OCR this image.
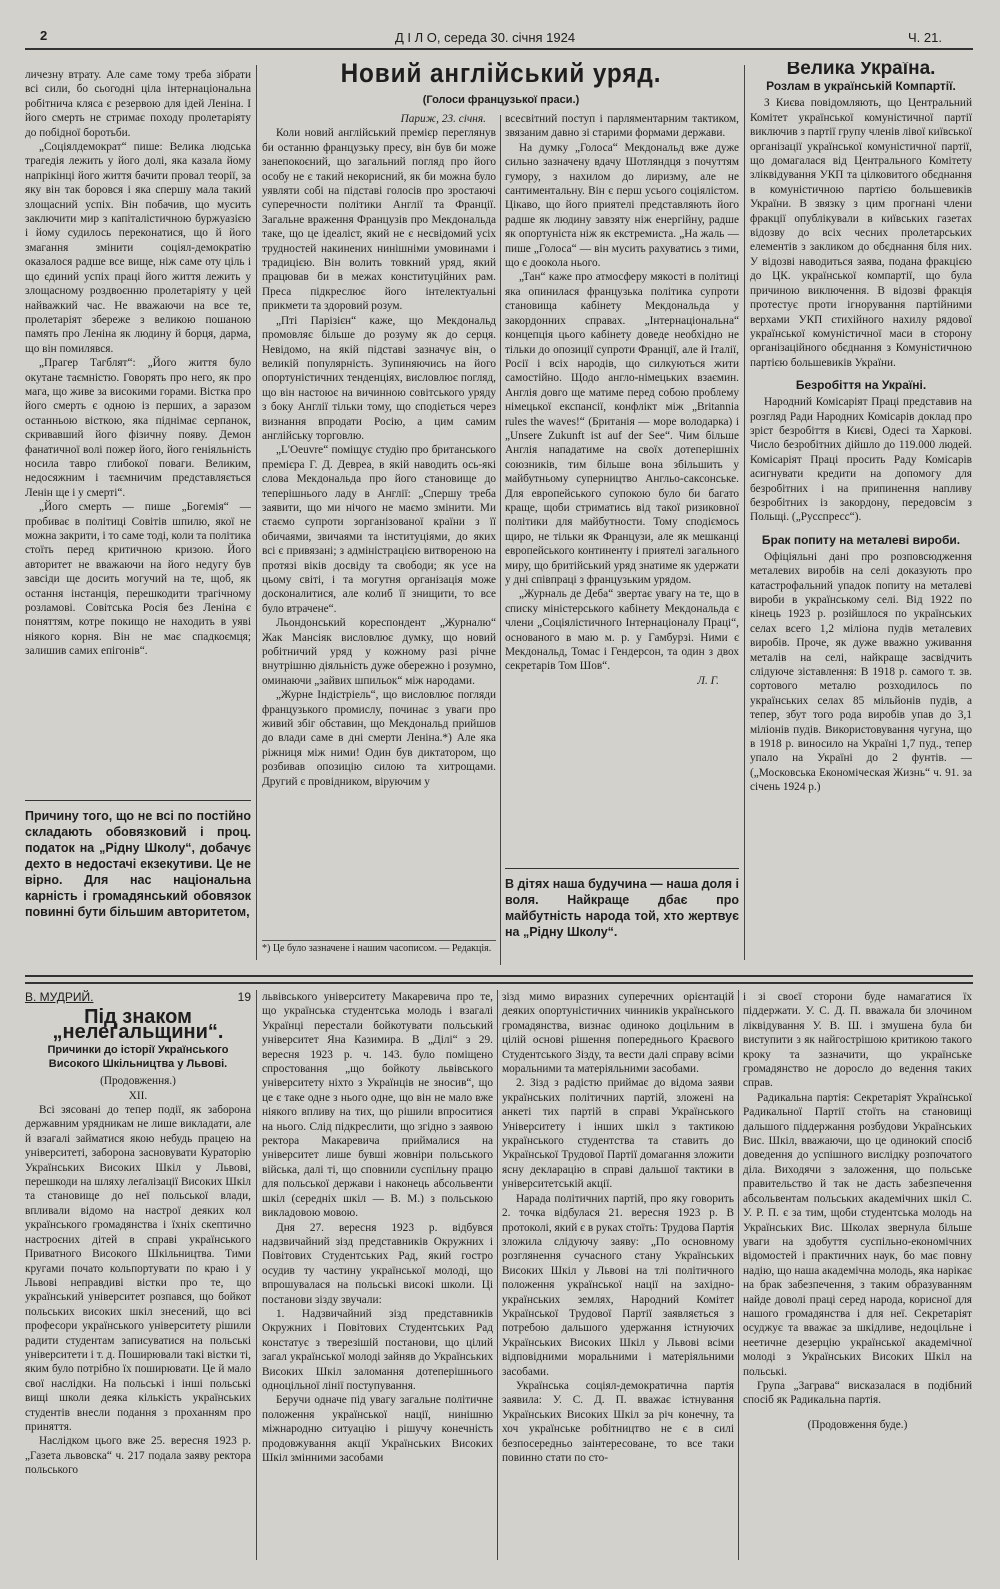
2	Д І Л О, середа 30. січня 1924	Ч. 21.

личезну втрату. Але саме тому треба зібрати всі сили, бо сьогодні ціла інтернаціональна робітнича кляса є резервою для ідей Леніна. І його смерть не стримає походу пролетаріяту до побідної боротьби.

„Соціялдемократ“ пише: Велика людська трагедія лежить у його долі, яка казала йому напрікінці його життя бачити провал теорії, за яку він так боровся і яка спершу мала такий злощасний успіх. Він побачив, що мусить заключити мир з капіталістичною буржуазією і йому судилось переконатися, що й його змагання змінити соціял-демократію оказалося радше все вище, ніж саме оту ціль і що єдиний успіх праці його життя лежить у злощасному роздвоєнню пролетаріяту у цей найважкий час. Не вважаючи на все те, пролетаріят збереже з великою пошаною память про Леніна як людину й борця, дарма, що він помилявся.

„Прагер Тагблят“: „Його життя було окутане таємністю. Говорять про него, як про мага, що живе за високими горами. Вістка про його смерть є одною із перших, а заразом останньою вісткою, яка піднімає серпанок, скривавший його фізичну появу. Демон фанатичної волі пожер його, його геніяльність носила тавро глибокої поваги. Великим, недосяжним і таємничим представляється Ленін ще і у смерті“.

„Його смерть — пише „Богемія“ — пробиває в політиці Совітів шпилю, якої не можна закрити, і то саме тоді, коли та політика стоїть перед критичною кризою. Його авторитет не вважаючи на його недугу був завсіди ще досить могучий на те, щоб, як остання інстанція, перешкодити трагічному розламові. Совітська Росія без Леніна є поняттям, котре покищо не находить в уяві ніякого корня. Він не має спадкоємця; залишив самих епігонів“.

Причину того, що не всі по постійно складають обовязковий і проц. податок на „Рідну Школу“, добачує дехто в недостачі екзекутиви. Це не вірно. Для нас національна карність і громадянський обовязок повинні бути більшим авторитетом,
Новий англійський уряд.
(Голоси французької праси.)
Париж, 23. січня.

Коли новий англійський премієр переглянув би останню французьку пресу, він був би може занепокоєний, що загальний погляд про його особу не є такий некорисний, як би можна було уявляти собі на підставі голосів про зростаючі суперечности політики Англії та Франції. Загальне враження Французів про Мекдональда таке, що це ідеаліст, який не є несвідомий усіх трудностей накинених нинішніми умовинами і традицією. Він волить товкний уряд, який працював би в межах конституційних рам. Преса підкреслює його інтелектуальні прикмети та здоровий розум.

„Пті Парізієн“ каже, що Мекдональд промовляє більше до розуму як до серця. Невідомо, на якій підставі зазначує він, о великій популярність. Зупиняючись на його опортуністичних тенденціях, висловлює погляд, що він настоює на вичинною совітського уряду з боку Англії тільки тому, що сподіється через визнання впродати Росію, а цим самим англійську торговлю.

„L'Oeuvre“ поміщує студію про британського премієра Г. Д. Девреа, в якій наводить ось-які слова Мекдональда про його становище до теперішнього ладу в Англії: „Спершу треба заявити, що ми нічого не маємо змінити. Ми стаємо супроти зорганізованої країни з її обичаями, звичаями та інституціями, до яких всі є привязані; з адміністрацією витвореною на протязі віків досвіду та свободи; як усе на цьому світі, і та могутня організація може досконалитися, але колиб її знищити, то все було втрачене“.

Льондонський кореспондент „Журналю“ Жак Мансіяк висловлює думку, що новий робітничий уряд у кожному разі річне внутрішню діяльність дуже обережно і розумно, оминаючи „зайвих шпильок“ між народами.

„Журне Індістріель“, що висловлює погляди французького промислу, починає з уваги про живий збіг обставин, що Мекдональд прийшов до влади саме в дні смерти Леніна.*) Але яка ріжниця між ними! Один був диктатором, що розбивав опозицію силою та хитрощами. Другий є провідником, віруючим у

*) Це було зазначене і нашим часописом. — Редакція.

всесвітний поступ і парляментарним тактиком, звязаним давно зі старими формами держави.

На думку „Голоса“ Мекдональд вже дуже сильно зазначену вдачу Шотляндця з почуттям гумору, з нахилом до лиризму, але не сантиментальну. Він є перш усього соціялістом. Цікаво, що його приятелі представляють його радше як людину завзяту ніж енергійну, радше як опортуніста ніж як екстремиста. „На жаль — пише „Голоса“ — він мусить рахуватись з тими, що є доокола нього.

„Тан“ каже про атмосферу мякості в політиці яка опинилася французька політика супроти становища кабінету Мекдональда у закордонних справах. „Інтернаціональна“ концепція цього кабінету доведе необхідно не тільки до опозиції супроти Франції, але й Італії, Росії і всіх народів, що силкуються жити самостійно. Щодо англо-німецьких взаємин. Англія довго ще матиме перед собою проблему німецької експансії, конфлікт між „Britannia rules the waves!“ (Британія — море володарка) і „Unsere Zukunft ist auf der See“. Чим більше Англія нападатиме на своїх дотеперішніх союзників, тим більше вона збільшить у майбутньому суперництво Англьо-саксонське. Для европейського супокою було би багато краще, щоби стриматись від такої ризиковної політики для майбутности. Тому сподіємось щиро, не тільки як Французи, але як мешканці европейського континенту і приятелі загального миру, що бритійський уряд знатиме як удержати у дні співпраці з французьким урядом.

„Журналь де Деба“ звертає увагу на те, що в списку міністерського кабінету Мекдональда є члени „Соціялістичного Інтернаціоналу Праці“, основаного в маю м. р. у Гамбурзі. Ними є Мекдональд, Томас і Гендерсон, та один з двох секретарів Том Шов“.

Л. Г.
В дітях наша будучина — наша доля і воля. Найкраще дбає про майбутність народа той, хто жертвує на „Рідну Школу“.
Велика Україна.
Розлам в українській Компартії.

З Києва повідомляють, що Центральний Комітет української комуністичної партії виключив з партії групу членів лівої київської організації української комуністичної партії, що домагалася від Центрального Комітету зліквідування УКП та цілковитого обєднання в комуністичною партією большевиків України. В звязку з цим прогнані члени фракції опублікували в київських газетах відозву до всіх чесних пролетарських елементів з закликом до обєднання біля них. У відозві наводиться заява, подана фракцією до ЦК. української компартії, що була причиною виключення. В відозві фракція протестує проти ігнорування партійними верхами УКП стихійного нахилу рядової української комуністичної маси в сторону організаційного обєднання з Комуністичною партією большевиків України.

Безробіття на Україні.

Народний Комісаріят Праці представив на розгляд Ради Народних Комісарів доклад про зріст безробіття в Києві, Одесі та Харкові. Число безробітних дійшло до 119.000 людей. Комісаріят Праці просить Раду Комісарів асигнувати кредити на допомогу для безробітних і на припинення напливу безробітних із закордону, передовсім з Польщі. („Русспресс“).

Брак попиту на металеві вироби.

Офіціяльні дані про розповсюдження металевих виробів на селі доказують про катастрофальний упадок попиту на металеві вироби в українському селі. Від 1922 по кінець 1923 р. розійшлося по українських селах всего 1,2 міліона пудів металевих виробів. Проче, як дуже вважно уживання металів на селі, найкраще засвідчить слідуюче зіставлення: В 1918 р. самого т. зв. сортового металю розходилось по українських селах 85 мільйонів пудів, а тепер, збут того рода виробів упав до 3,1 міліонів пудів. Використовування чугуна, що в 1918 р. виносило на Україні 1,7 пуд., тепер упало на Україні до 2 фунтів. — („Московська Економіческая Жизнь“ ч. 91. за січень 1924 р.)

В. МУДРИЙ.	19
Під знаком „нелеґальщини“.
Причинки до історії Українського Високого Шкільництва у Львові.
(Продовження.)
XII.

Всі зясовані до тепер події, як заборона державним урядникам не лише викладати, але й взагалі займатися якою небудь працею на університеті, заборона засновувати Кураторію Українських Високих Шкіл у Львові, перешкоди на шляху леґалізації Високих Шкіл та становище до неї польської влади, впливали відомо на настрої деяких кол українського громадянства і їхніх скептично настроєних дітей в справі українського Приватного Високого Шкільництва. Тими кругами почато кольпортувати по краю і у Львові неправдиві вістки про те, що український університет розпався, що бойкот польських високих шкіл знесений, що всі професори українського університету рішили радити студентам записуватися на польські університети і т. д. Поширювали такі вістки ті, яким було потрібно їх поширювати. Це й мало свої наслідки. На польські і інші польські вищі школи деяка кількість українських студентів внесли подання з проханням про приняття.

Наслідком цього вже 25. вересня 1923 р. „Газета львовска“ ч. 217 подала заяву ректора польського

львівського університету Макаревича про те, що українська студентська молодь і взагалі Українці перестали бойкотувати польський університет Яна Казимира. В „Ділі“ з 29. вересня 1923 р. ч. 143. було поміщено спростовання „що бойкоту львівського університету ніхто з Українців не зносив“, що це є таке одне з нього одне, що він не мало вже ніякого впливу на тих, що рішили впроситися на нього. Слід підкреслити, що згідно з заявою ректора Макаревича приймалися на університет лише бувші жовніри польського війська, далі ті, що сповнили суспільну працю для польської держави і наконець абсольвенти шкіл (середніх шкіл — В. М.) з польською викладовою мовою.

Дня 27. вересня 1923 р. відбувся надзвичайний зізд представників Окружних і Повітових Студентських Рад, який гостро осудив ту частину української молоді, що впрошувалася на польські високі школи. Ці постанови зізду звучали:

1. Надзвичайний зізд представників Окружних і Повітових Студентських Рад констатує з тверезішій постанови, що цілий загал української молоді зайняв до Українських Високих Шкіл заломання дотеперішнього одноцільної лінії поступування.

Беручи одначе під увагу загальне політичне положення української нації, нинішню міжнародню ситуацію і рішучу конечність продовжування акції Українських Високих Шкіл змінними засобами

зізд мимо виразних суперечних орієнтацій деяких опортуністичних чинників українського громадянства, визнає одиноко доцільним в цілій основі рішення попереднього Краєвого Студентського Зізду, та вести далі справу всіми моральними та матеріяльними засобами.

2. Зізд з радістю приймає до відома заяви українських політичних партій, зложені на анкеті тих партій в справі Українського Університету і інших шкіл з тактикою українського студентства та ставить до Української Трудової Партії домагання зложити ясну декларацію в справі дальшої тактики в університетській акції.

Нарада політичних партій, про яку говорить 2. точка відбулася 21. вересня 1923 р. В протоколі, який є в руках стоїть: Трудова Партія зложила слідуючу заяву: „По основному розглянення сучасного стану Українських Високих Шкіл у Львові на тлі політичного положення української нації на західно-українських землях, Народний Комітет Української Трудової Партії заявляється з потребою дальшого удержання істнуючих Українських Високих Шкіл у Львові всіми відповідними моральними і матеріяльними засобами.

Українська соціял-демократична партія заявила: У. С. Д. П. вважає істнування Українських Високих Шкіл за річ конечну, та хоч українське робітництво не є в силі безпосередньо заінтересоване, то все таки повинно стати по сто-

і зі своєї сторони буде намагатися їх піддержати. У. С. Д. П. вважала би злочином ліквідування У. В. Ш. і змушена була би виступити з як найгострішою критикою такого кроку та зазначити, що українське громадянство не доросло до ведення таких справ.

Радикальна партія: Секретаріят Української Радикальної Партії стоїть на становищі дальшого піддержання розбудови Українських Вис. Шкіл, вважаючи, що це одинокий спосіб доведення до успішного вислідку розпочатого діла. Виходячи з заложення, що польське правительство й так не дасть забезпечення абсольвентам польських академічних шкіл С. У. Р. П. є за тим, щоби студентська молодь на Українських Вис. Школах звернула більше уваги на здобуття суспільно-економічних відомостей і практичних наук, бо має повну надію, що наша академічна молодь, яка нарікає на брак забезпечення, з таким образуванням найде доволі праці серед народа, корисної для нашого громадянства і для неї. Секретаріят осуджує та вважає за шкідливе, недоцільне і неетичне дезерцію української академічної молоді з Українських Високих Шкіл на польські.

Група „Заграва“ висказалася в подібний спосіб як Радикальна партія.

(Продовження буде.)
